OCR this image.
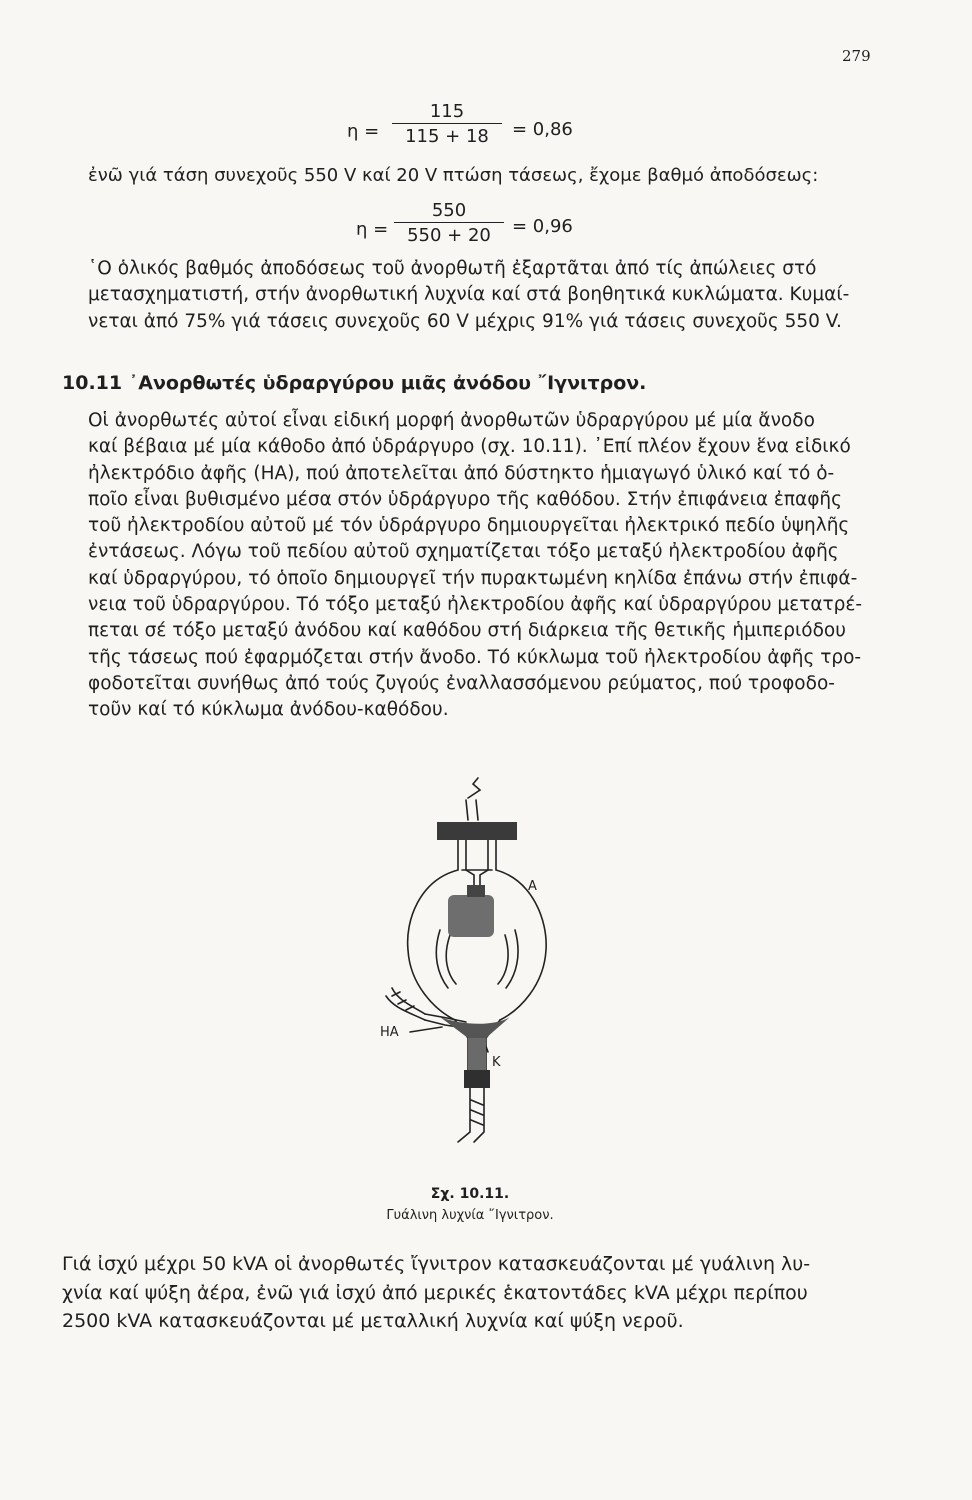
279
$\eta = \frac{115}{115 + 18} = 0,86$
ἐνῶ γιά τάση συνεχοῦς 550 V καί 20 V πτώση τάσεως, ἔχομε βαθμό ἀποδόσεως:
$\eta = \frac{550}{550 + 20} = 0,96$
῾Ο ὁλικός βαθμός ἀποδόσεως τοῦ ἀνορθωτῆ ἐξαρτᾶται ἀπό τίς ἀπώλειες στό
μετασχηματιστή, στήν ἀνορθωτική λυχνία καί στά βοηθητικά κυκλώματα. Κυμαί-
νεται ἀπό 75% γιά τάσεις συνεχοῦς 60 V μέχρις 91% γιά τάσεις συνεχοῦς 550 V.
10.11 ᾿Ανορθωτές ὑδραργύρου μιᾶς ἀνόδου ῎Ιγνιτρον.
Οἱ ἀνορθωτές αὐτοί εἶναι εἰδική μορφή ἀνορθωτῶν ὑδραργύρου μέ μία ἄνοδο
καί βέβαια μέ μία κάθοδο ἀπό ὑδράργυρο (σχ. 10.11). ᾿Επί πλέον ἔχουν ἕνα εἰδικό
ἠλεκτρόδιο ἀφῆς (ΗΑ), πού ἀποτελεῖται ἀπό δύστηκτο ἡμιαγωγό ὑλικό καί τό ὁ-
ποῖο εἶναι βυθισμένο μέσα στόν ὑδράργυρο τῆς καθόδου. Στήν ἐπιφάνεια ἐπαφῆς
τοῦ ἠλεκτροδίου αὐτοῦ μέ τόν ὑδράργυρο δημιουργεῖται ἠλεκτρικό πεδίο ὑψηλῆς
ἐντάσεως. Λόγω τοῦ πεδίου αὐτοῦ σχηματίζεται τόξο μεταξύ ἠλεκτροδίου ἀφῆς
καί ὑδραργύρου, τό ὁποῖο δημιουργεῖ τήν πυρακτωμένη κηλίδα ἐπάνω στήν ἐπιφά-
νεια τοῦ ὑδραργύρου. Τό τόξο μεταξύ ἠλεκτροδίου ἀφῆς καί ὑδραργύρου μετατρέ-
πεται σέ τόξο μεταξύ ἀνόδου καί καθόδου στή διάρκεια τῆς θετικῆς ἡμιπεριόδου
τῆς τάσεως πού ἐφαρμόζεται στήν ἄνοδο. Τό κύκλωμα τοῦ ἠλεκτροδίου ἀφῆς τρο-
φοδοτεῖται συνήθως ἀπό τούς ζυγούς ἐναλλασσόμενου ρεύματος, πού τροφοδο-
τοῦν καί τό κύκλωμα ἀνόδου-καθόδου.
A
HA
K
Σχ. 10.11.
Γυάλινη λυχνία ῎Ιγνιτρον.
Γιά ἰσχύ μέχρι 50 kVA οἱ ἀνορθωτές ἴγνιτρον κατασκευάζονται μέ γυάλινη λυ-
χνία καί ψύξη ἀέρα, ἐνῶ γιά ἰσχύ ἀπό μερικές ἑκατοντάδες kVA μέχρι περίπου
2500 kVA κατασκευάζονται μέ μεταλλική λυχνία καί ψύξη νεροῦ.
